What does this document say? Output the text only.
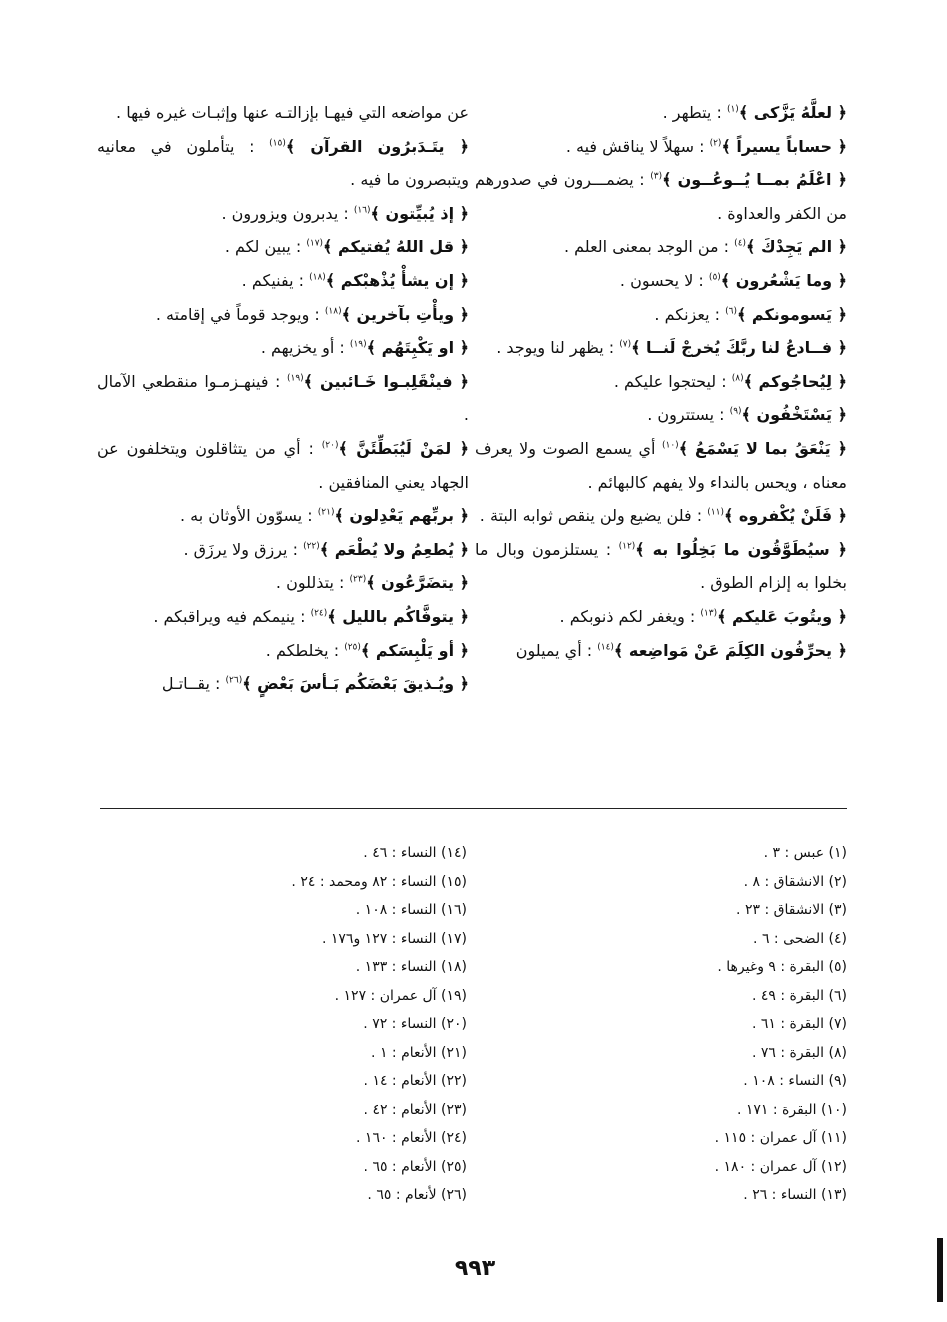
﴿ لعلَّهُ يَزَّكى ﴾$^{(١)}$ : يتطهر .

﴿ حساباً يسيراً ﴾$^{(٢)}$ : سهلاً لا يناقش فيه .

﴿ اعْلَمُ بمــا يُــوعُــون ﴾$^{(٣)}$ : يضمـــرون في صدورهم من الكفر والعداوة .

﴿ الم يَجِدْكَ ﴾$^{(٤)}$ : من الوجد بمعنى العلم .

﴿ وما يَشْعُرون ﴾$^{(٥)}$ : لا يحسون .

﴿ يَسومونكم ﴾$^{(٦)}$ : يعزنكم .

﴿ فــادعُ لنا ربَّكَ يُخرجْ لَنــا ﴾$^{(٧)}$ : يظهر لنا ويوجد .

﴿ لِيُحاجُوكم ﴾$^{(٨)}$ : ليحتجوا عليكم .

﴿ يَسْتَخْفُون ﴾$^{(٩)}$ : يستترون .

﴿ يَنْعَقُ بما لا يَسْمَعُ ﴾$^{(١٠)}$ أي يسمع الصوت ولا يعرف معناه ، ويحس بالنداء ولا يفهم كالبهائم .

﴿ فَلَنْ يُكْفروه ﴾$^{(١١)}$ : فلن يضيع ولن ينقص ثوابه البتة .

﴿ سيُطَوَّقُون ما بَخِلُوا به ﴾$^{(١٢)}$ : يستلزمون وبال ما بخلوا به إلزام الطوق .

﴿ ويتُوبَ عَليكم ﴾$^{(١٣)}$ : ويغفر لكم ذنوبكم .

﴿ يحرِّفُون الكِلَمَ عَنْ مَواضِعه ﴾$^{(١٤)}$ : أي يميلون

عن مواضعه التي فيهـا بإزالتـه عنها وإثبـات غيره فيها .

﴿ يتَـدَبرُون القرآن ﴾$^{(١٥)}$ : يتأملون في معانيه ويتبصرون ما فيه .

﴿ إذ يُبيِّتون ﴾$^{(١٦)}$ : يدبرون ويزورون .

﴿ قل اللهُ يُفتيكم ﴾$^{(١٧)}$ : يبين لكم .

﴿ إن يشأْ يُذْهبْكم ﴾$^{(١٨)}$ : يفنيكم .

﴿ ويأْتِ بآخرين ﴾$^{(١٨)}$ : ويوجد قوماً في إقامته .

﴿ او يَكْبِتَهُم ﴾$^{(١٩)}$ : أو يخزيهم .

﴿ فينْقَلِبـوا خَـائبين ﴾$^{(١٩)}$ : فينهـزمـوا منقطعي الآمال .

﴿ لمَنْ لَيُبَطِّئَنَّ ﴾$^{(٢٠)}$ : أي من يتثاقلون ويتخلفون عن الجهاد يعني المنافقين .

﴿ بربِّهم يَعْدِلون ﴾$^{(٢١)}$ : يسوّون الأوثان به .

﴿ يُطعِمُ ولا يُطْعَم ﴾$^{(٢٢)}$ : يرزق ولا يرزَق .

﴿ يتضَرَّعُون ﴾$^{(٢٣)}$ : يتذللون .

﴿ يتوفَّاكُم بالليل ﴾$^{(٢٤)}$ : ينيمكم فيه ويراقبكم .

﴿ أو يَلْبِسَكم ﴾$^{(٢٥)}$ : يخلطكم .

﴿ ويُـذيقَ بَعْضَكُم بَـأسَ بَعْضٍ ﴾$^{(٢٦)}$ : يقــاتـل

(١) عبس : ٣ .
(٢) الانشقاق : ٨ .
(٣) الانشقاق : ٢٣ .
(٤) الضحى : ٦ .
(٥) البقرة : ٩ وغيرها .
(٦) البقرة : ٤٩ .
(٧) البقرة : ٦١ .
(٨) البقرة : ٧٦ .
(٩) النساء : ١٠٨ .
(١٠) البقرة : ١٧١ .
(١١) آل عمران : ١١٥ .
(١٢) آل عمران : ١٨٠ .
(١٣) النساء : ٢٦ .
(١٤) النساء : ٤٦ .
(١٥) النساء : ٨٢ ومحمد : ٢٤ .
(١٦) النساء : ١٠٨ .
(١٧) النساء : ١٢٧ و١٧٦ .
(١٨) النساء : ١٣٣ .
(١٩) آل عمران : ١٢٧ .
(٢٠) النساء : ٧٢ .
(٢١) الأنعام : ١ .
(٢٢) الأنعام : ١٤ .
(٢٣) الأنعام : ٤٢ .
(٢٤) الأنعام : ١٦٠ .
(٢٥) الأنعام : ٦٥ .
(٢٦) لأنعام : ٦٥ .
٩٩٣
